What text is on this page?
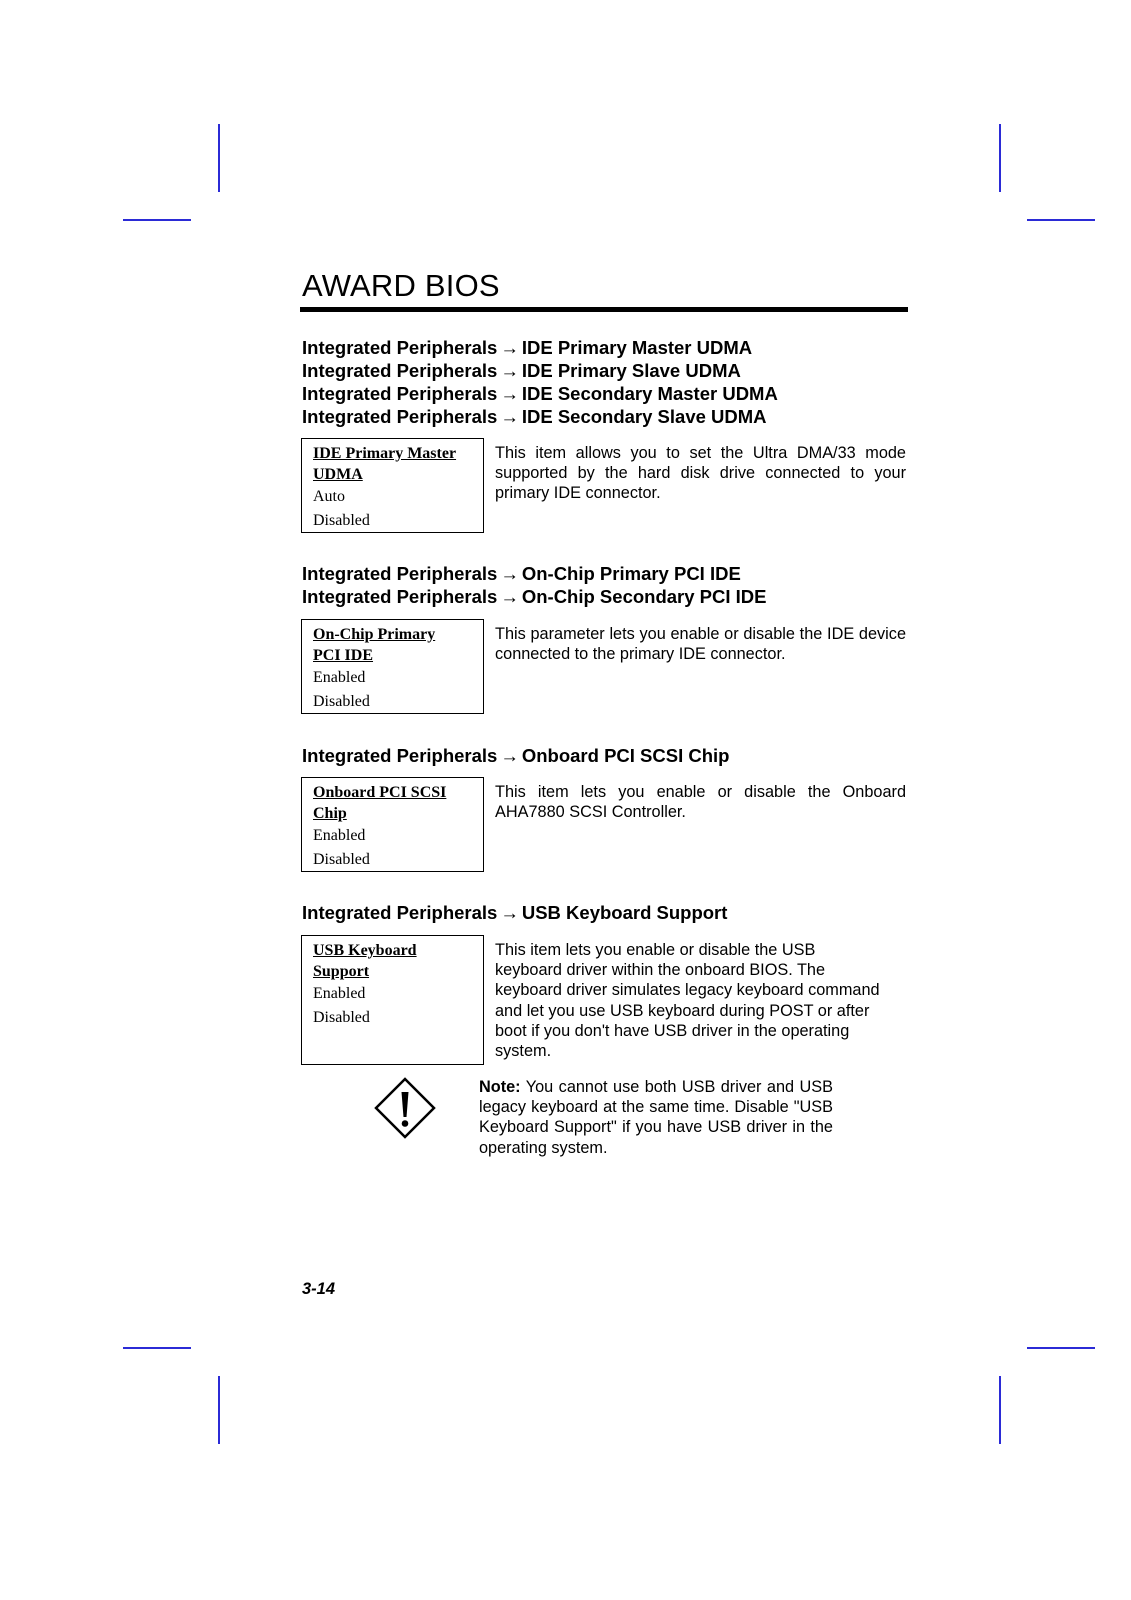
AWARD BIOS
Integrated Peripherals → IDE Primary Master UDMA
Integrated Peripherals → IDE Primary Slave UDMA
Integrated Peripherals → IDE Secondary Master UDMA
Integrated Peripherals → IDE Secondary Slave UDMA
IDE Primary Master
UDMA
Auto
Disabled
This item allows you to set the Ultra DMA/33 mode supported by the hard disk drive connected to your primary IDE connector.
Integrated Peripherals → On-Chip Primary PCI IDE
Integrated Peripherals → On-Chip Secondary PCI IDE
On-Chip Primary
PCI IDE
Enabled
Disabled
This parameter lets you enable or disable the IDE device connected to the primary IDE connector.
Integrated Peripherals → Onboard PCI SCSI Chip
Onboard PCI SCSI
Chip
Enabled
Disabled
This item lets you enable or disable the Onboard AHA7880 SCSI Controller.
Integrated Peripherals → USB Keyboard Support
USB Keyboard
Support
Enabled
Disabled
This item lets you enable or disable the USB keyboard driver within the onboard BIOS. The keyboard driver simulates legacy keyboard command and let you use USB keyboard during POST or after boot if you don't have USB driver in the operating system.
Note: You cannot use both USB driver and USB legacy keyboard at the same time. Disable "USB Keyboard Support" if you have USB driver in the operating system.
3-14
